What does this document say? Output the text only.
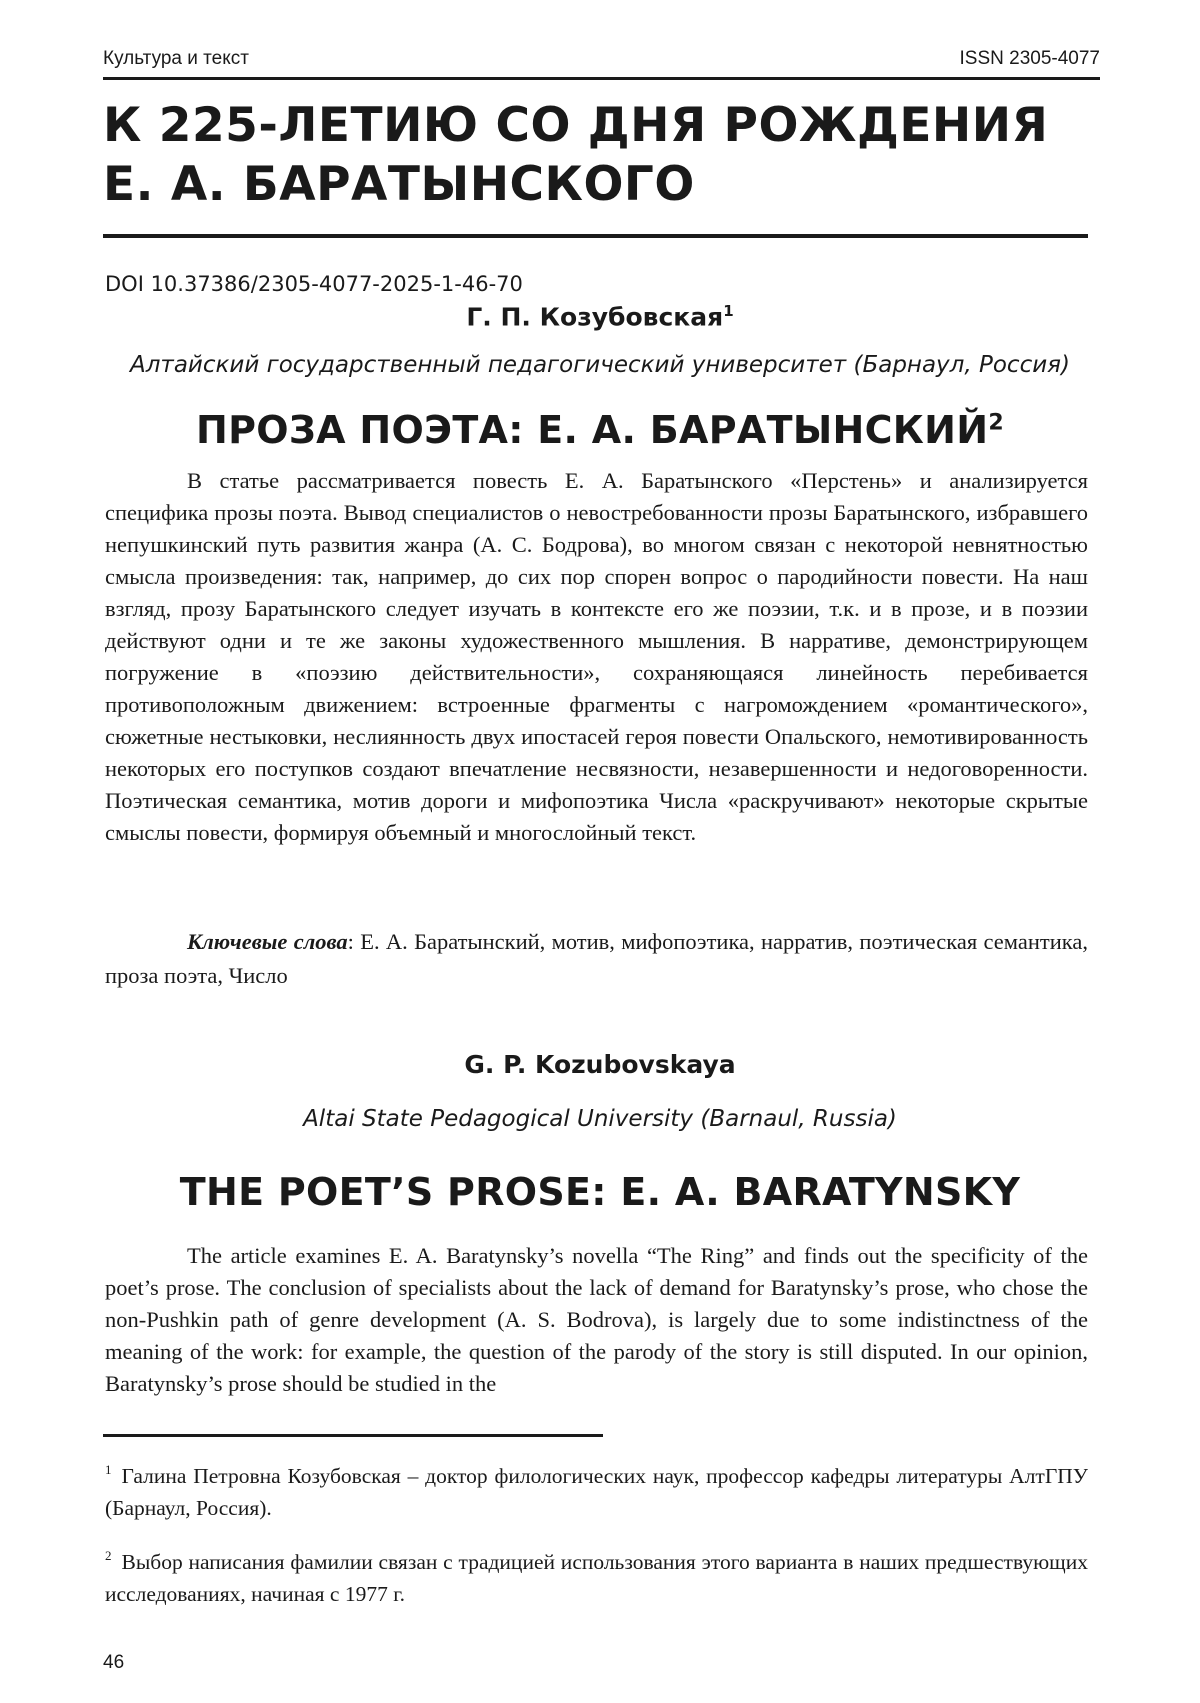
Культура и текст	ISSN 2305-4077
К 225-ЛЕТИЮ СО ДНЯ РОЖДЕНИЯ
Е. А. БАРАТЫНСКОГО
DOI 10.37386/2305-4077-2025-1-46-70
Г. П. Козубовская$^1$
Алтайский государственный педагогический университет (Барнаул, Россия)
ПРОЗА ПОЭТА: Е. А. БАРАТЫНСКИЙ$^2$

В статье рассматривается повесть Е. А. Баратынского «Перстень» и анализируется специфика прозы поэта. Вывод специалистов о невостребованности прозы Баратынского, избравшего непушкинский путь развития жанра (А. С. Бодрова), во многом связан с некоторой невнятностью смысла произведения: так, например, до сих пор спорен вопрос о пародийности повести. На наш взгляд, прозу Баратынского следует изучать в контексте его же поэзии, т.к. и в прозе, и в поэзии действуют одни и те же законы художественного мышления. В нарративе, демонстрирующем погружение в «поэзию действительности», сохраняющаяся линейность перебивается противоположным движением: встроенные фрагменты с нагромождением «романтического», сюжетные нестыковки, неслиянность двух ипостасей героя повести Опальского, немотивированность некоторых его поступков создают впечатление несвязности, незавершенности и недоговоренности. Поэтическая семантика, мотив дороги и мифопоэтика Числа «раскручивают» некоторые скрытые смыслы повести, формируя объемный и многослойный текст.

Ключевые слова: Е. А. Баратынский, мотив, мифопоэтика, нарратив, поэтическая семантика, проза поэта, Число

G. P. Kozubovskaya
Altai State Pedagogical University (Barnaul, Russia)
THE POET’S PROSE: E. A. BARATYNSKY

The article examines E. A. Baratynsky’s novella “The Ring” and finds out the specificity of the poet’s prose. The conclusion of specialists about the lack of demand for Baratynsky’s prose, who chose the non-Pushkin path of genre development (A. S. Bodrova), is largely due to some indistinctness of the meaning of the work: for example, the question of the parody of the story is still disputed. In our opinion, Baratynsky’s prose should be studied in the

$^1$ Галина Петровна Козубовская – доктор филологических наук, профессор кафедры литературы АлтГПУ (Барнаул, Россия).

$^2$ Выбор написания фамилии связан с традицией использования этого варианта в наших предшествующих исследованиях, начиная с 1977 г.

46
